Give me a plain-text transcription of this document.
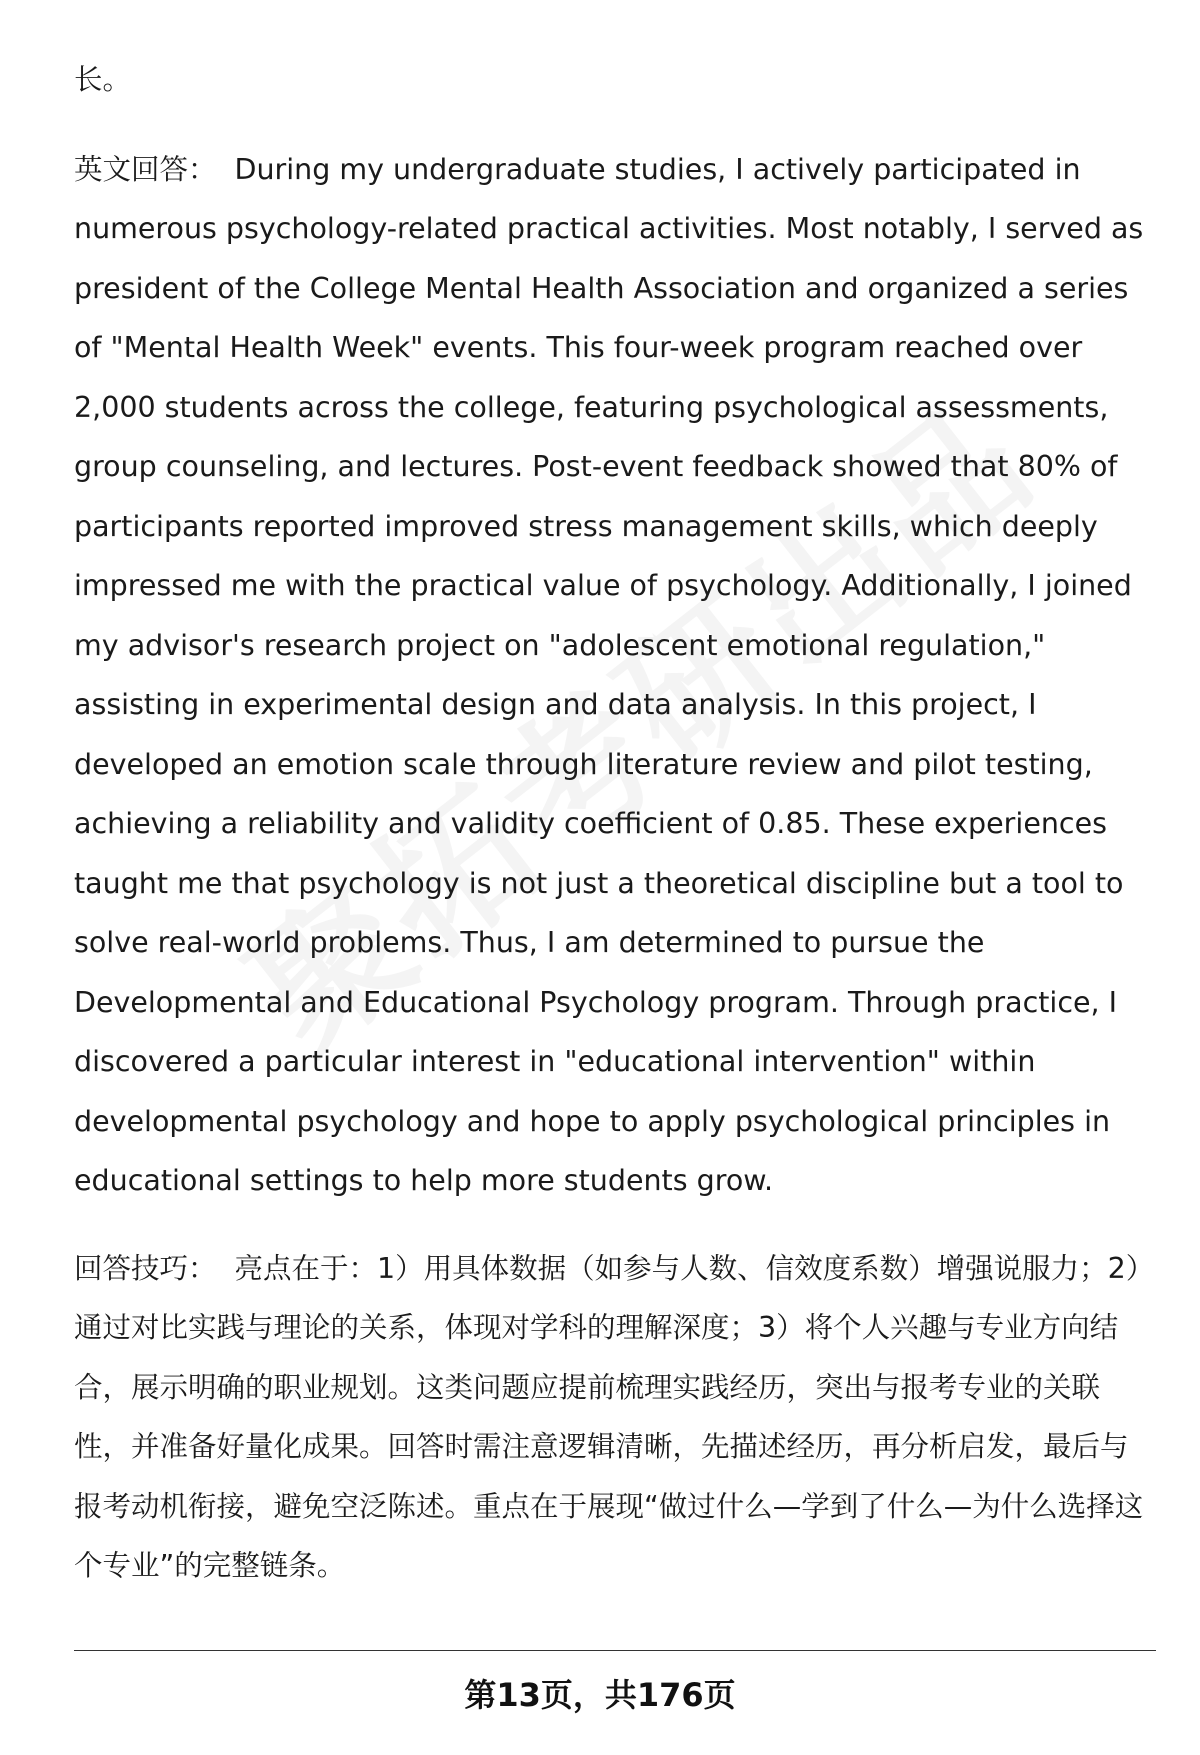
长。

英文回答： During my undergraduate studies, I actively participated in numerous psychology-related practical activities. Most notably, I served as president of the College Mental Health Association and organized a series of "Mental Health Week" events. This four-week program reached over 2,000 students across the college, featuring psychological assessments, group counseling, and lectures. Post-event feedback showed that 80% of participants reported improved stress management skills, which deeply impressed me with the practical value of psychology. Additionally, I joined my advisor's research project on "adolescent emotional regulation," assisting in experimental design and data analysis. In this project, I developed an emotion scale through literature review and pilot testing, achieving a reliability and validity coefficient of 0.85. These experiences taught me that psychology is not just a theoretical discipline but a tool to solve real-world problems. Thus, I am determined to pursue the Developmental and Educational Psychology program. Through practice, I discovered a particular interest in "educational intervention" within developmental psychology and hope to apply psychological principles in educational settings to help more students grow.

回答技巧： 亮点在于：1）用具体数据（如参与人数、信效度系数）增强说服力；2）通过对比实践与理论的关系，体现对学科的理解深度；3）将个人兴趣与专业方向结合，展示明确的职业规划。这类问题应提前梳理实践经历，突出与报考专业的关联性，并准备好量化成果。回答时需注意逻辑清晰，先描述经历，再分析启发，最后与报考动机衔接，避免空泛陈述。重点在于展现“做过什么—学到了什么—为什么选择这个专业”的完整链条。

第13页，共176页
